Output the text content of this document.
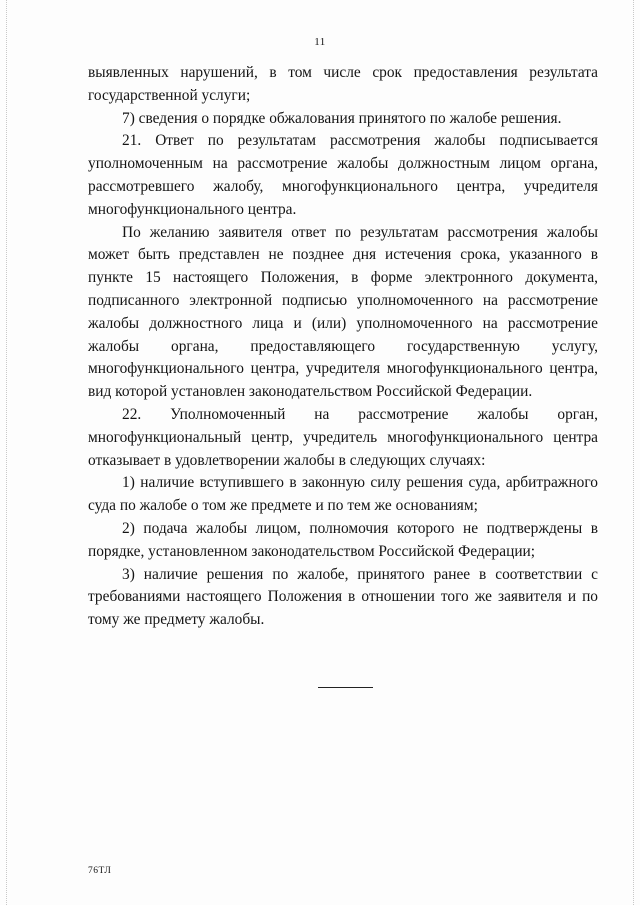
11

выявленных нарушений, в том числе срок предоставления результата государственной услуги;

7) сведения о порядке обжалования принятого по жалобе решения.

21. Ответ по результатам рассмотрения жалобы подписывается уполномоченным на рассмотрение жалобы должностным лицом органа, рассмотревшего жалобу, многофункционального центра, учредителя многофункционального центра.

По желанию заявителя ответ по результатам рассмотрения жалобы может быть представлен не позднее дня истечения срока, указанного в пункте 15 настоящего Положения, в форме электронного документа, подписанного электронной подписью уполномоченного на рассмотрение жалобы должностного лица и (или) уполномоченного на рассмотрение жалобы органа, предоставляющего государственную услугу, многофункционального центра, учредителя многофункционального центра, вид которой установлен законодательством Российской Федерации.

22. Уполномоченный на рассмотрение жалобы орган, многофункциональный центр, учредитель многофункционального центра отказывает в удовлетворении жалобы в следующих случаях:

1) наличие вступившего в законную силу решения суда, арбитражного суда по жалобе о том же предмете и по тем же основаниям;

2) подача жалобы лицом, полномочия которого не подтверждены в порядке, установленном законодательством Российской Федерации;

3) наличие решения по жалобе, принятого ранее в соответствии с требованиями настоящего Положения в отношении того же заявителя и по тому же предмету жалобы.

76ТЛ
